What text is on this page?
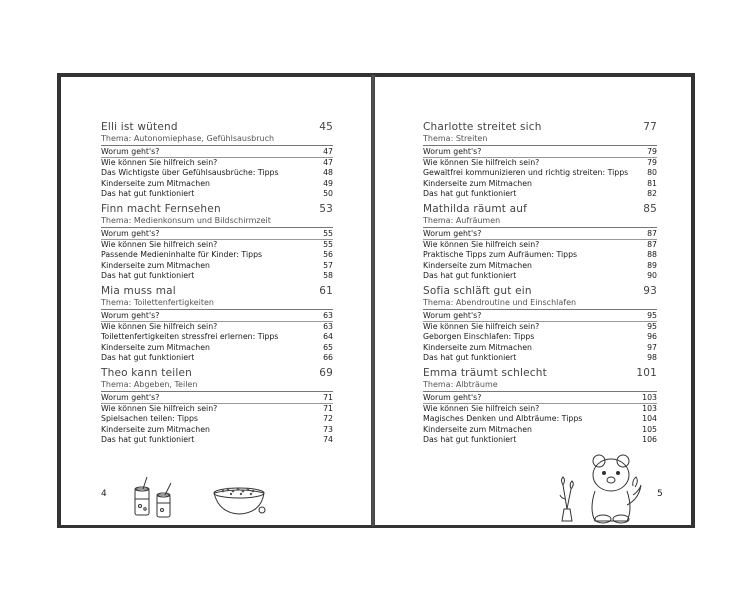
Elli ist wütend	45
Thema: Autonomiephase, Gefühlsausbruch
Worum geht's?	47
Wie können Sie hilfreich sein?	47
Das Wichtigste über Gefühlsausbrüche: Tipps	48
Kinderseite zum Mitmachen	49
Das hat gut funktioniert	50
Finn macht Fernsehen	53
Thema: Medienkonsum und Bildschirmzeit
Worum geht's?	55
Wie können Sie hilfreich sein?	55
Passende Medieninhalte für Kinder: Tipps	56
Kinderseite zum Mitmachen	57
Das hat gut funktioniert	58
Mia muss mal	61
Thema: Toilettenfertigkeiten
Worum geht's?	63
Wie können Sie hilfreich sein?	63
Toilettenfertigkeiten stressfrei erlernen: Tipps	64
Kinderseite zum Mitmachen	65
Das hat gut funktioniert	66
Theo kann teilen	69
Thema: Abgeben, Teilen
Worum geht's?	71
Wie können Sie hilfreich sein?	71
Spielsachen teilen: Tipps	72
Kinderseite zum Mitmachen	73
Das hat gut funktioniert	74
4
Charlotte streitet sich	77
Thema: Streiten
Worum geht's?	79
Wie können Sie hilfreich sein?	79
Gewaltfrei kommunizieren und richtig streiten: Tipps 80
Kinderseite zum Mitmachen	81
Das hat gut funktioniert	82
Mathilda räumt auf	85
Thema: Aufräumen
Worum geht's?	87
Wie können Sie hilfreich sein?	87
Praktische Tipps zum Aufräumen: Tipps	88
Kinderseite zum Mitmachen	89
Das hat gut funktioniert	90
Sofia schläft gut ein	93
Thema: Abendroutine und Einschlafen
Worum geht's?	95
Wie können Sie hilfreich sein?	95
Geborgen Einschlafen: Tipps	96
Kinderseite zum Mitmachen	97
Das hat gut funktioniert	98
Emma träumt schlecht	101
Thema: Albträume
Worum geht's?	103
Wie können Sie hilfreich sein?	103
Magisches Denken und Albträume: Tipps	104
Kinderseite zum Mitmachen	105
Das hat gut funktioniert	106
5
